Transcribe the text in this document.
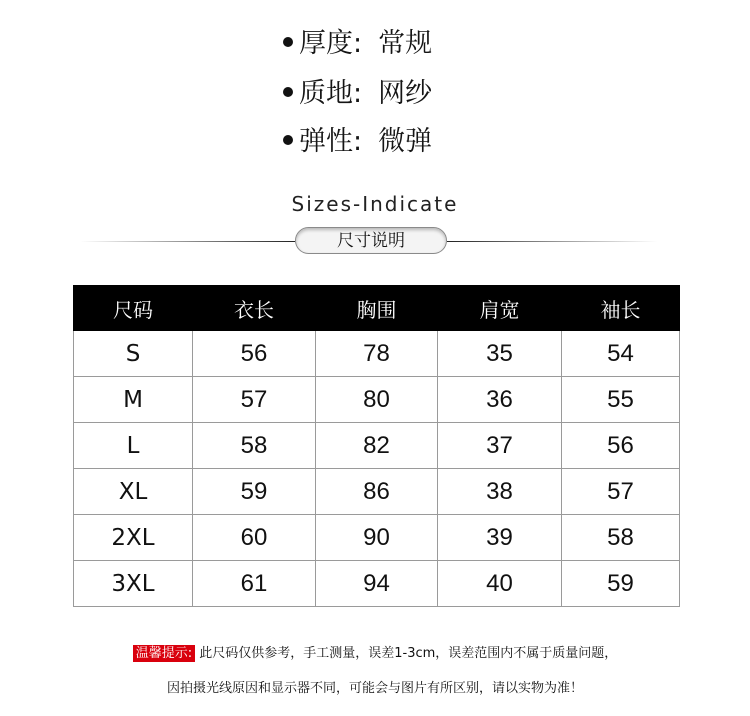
厚度: 常规
质地: 网纱
弹性: 微弹
Sizes-Indicate
尺寸说明
尺码	衣长	胸围	肩宽	袖长
S	56	78	35	54
M	57	80	36	55
L	58	82	37	56
XL	59	86	38	57
2XL	60	90	39	58
3XL	61	94	40	59
温馨提示: 此尺码仅供参考，手工测量，误差1-3cm，误差范围内不属于质量问题，
因拍摄光线原因和显示器不同，可能会与图片有所区别，请以实物为准！
